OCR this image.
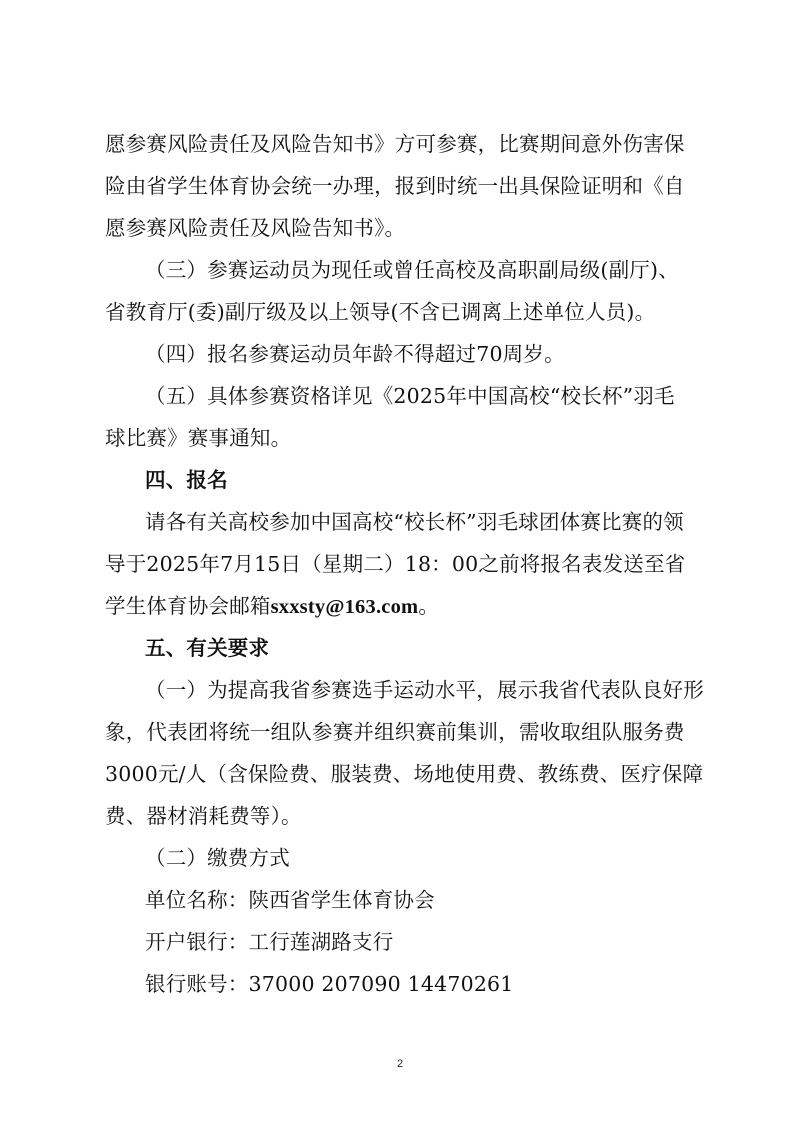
愿参赛风险责任及风险告知书》方可参赛，比赛期间意外伤害保
险由省学生体育协会统一办理，报到时统一出具保险证明和《自
愿参赛风险责任及风险告知书》。
（三）参赛运动员为现任或曾任高校及高职副局级(副厅)、
省教育厅(委)副厅级及以上领导(不含已调离上述单位人员)。
（四）报名参赛运动员年龄不得超过70周岁。
（五）具体参赛资格详见《2025年中国高校“校长杯”羽毛
球比赛》赛事通知。
四、报名
请各有关高校参加中国高校“校长杯”羽毛球团体赛比赛的领
导于2025年7月15日（星期二）18：00之前将报名表发送至省
学生体育协会邮箱sxxsty@163.com。
五、有关要求
（一）为提高我省参赛选手运动水平，展示我省代表队良好形
象，代表团将统一组队参赛并组织赛前集训，需收取组队服务费
3000元/人（含保险费、服装费、场地使用费、教练费、医疗保障
费、器材消耗费等）。
（二）缴费方式
单位名称：陕西省学生体育协会
开户银行：工行莲湖路支行
银行账号：37000 207090 14470261
2
